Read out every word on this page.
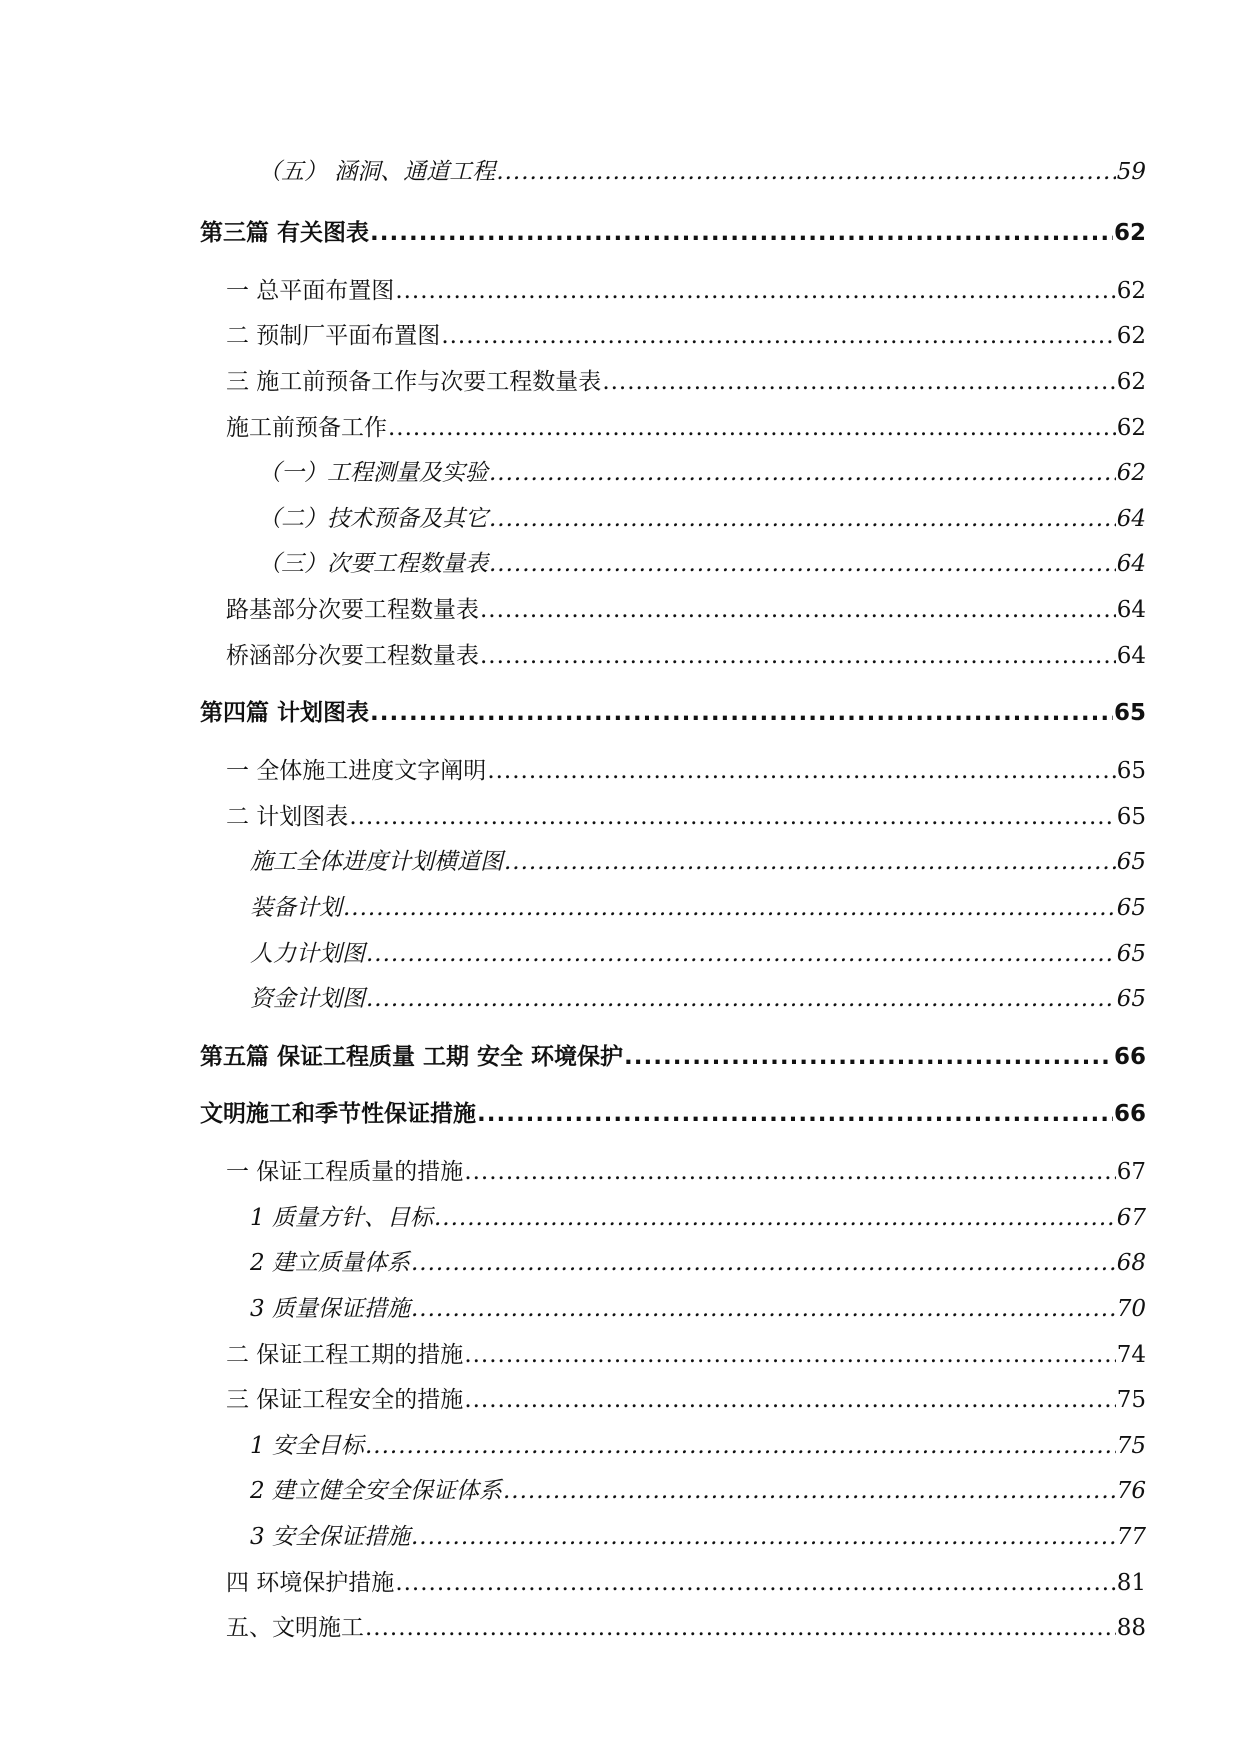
（五） 涵洞、通道工程 .....	59
第三篇 有关图表 .....	62
一 总平面布置图 .....	62
二 预制厂平面布置图 .....	62
三 施工前预备工作与次要工程数量表 .....	62
施工前预备工作 .....	62
（一）工程测量及实验 .....	62
（二）技术预备及其它 .....	64
（三）次要工程数量表 .....	64
路基部分次要工程数量表 .....	64
桥涵部分次要工程数量表 .....	64
第四篇 计划图表 .....	65
一 全体施工进度文字阐明 .....	65
二 计划图表 .....	65
施工全体进度计划横道图 .....	65
装备计划 .....	65
人力计划图 .....	65
资金计划图 .....	65
第五篇 保证工程质量 工期 安全 环境保护 .....	66
文明施工和季节性保证措施 .....	66
一 保证工程质量的措施 .....	67
1 质量方针、目标 .....	67
2 建立质量体系 .....	68
3 质量保证措施 .....	70
二 保证工程工期的措施 .....	74
三 保证工程安全的措施 .....	75
1 安全目标 .....	75
2 建立健全安全保证体系 .....	76
3 安全保证措施 .....	77
四 环境保护措施 .....	81
五、文明施工 .....	88
